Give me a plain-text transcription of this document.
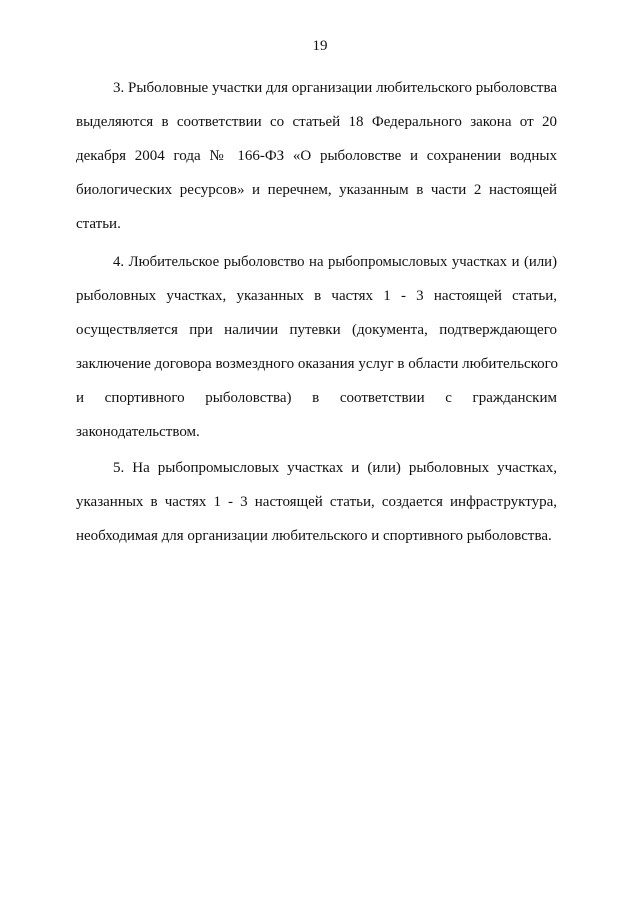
19
3. Рыболовные участки для организации любительского рыболовства
выделяются в соответствии со статьей 18 Федерального закона от 20
декабря 2004 года № 166-ФЗ «О рыболовстве и сохранении водных
биологических ресурсов» и перечнем, указанным в части 2 настоящей
статьи.
4. Любительское рыболовство на рыбопромысловых участках и (или)
рыболовных участках, указанных в частях 1 - 3 настоящей статьи,
осуществляется при наличии путевки (документа, подтверждающего
заключение договора возмездного оказания услуг в области любительского
и спортивного рыболовства) в соответствии с гражданским
законодательством.
5. На рыбопромысловых участках и (или) рыболовных участках,
указанных в частях 1 - 3 настоящей статьи, создается инфраструктура,
необходимая для организации любительского и спортивного рыболовства.
